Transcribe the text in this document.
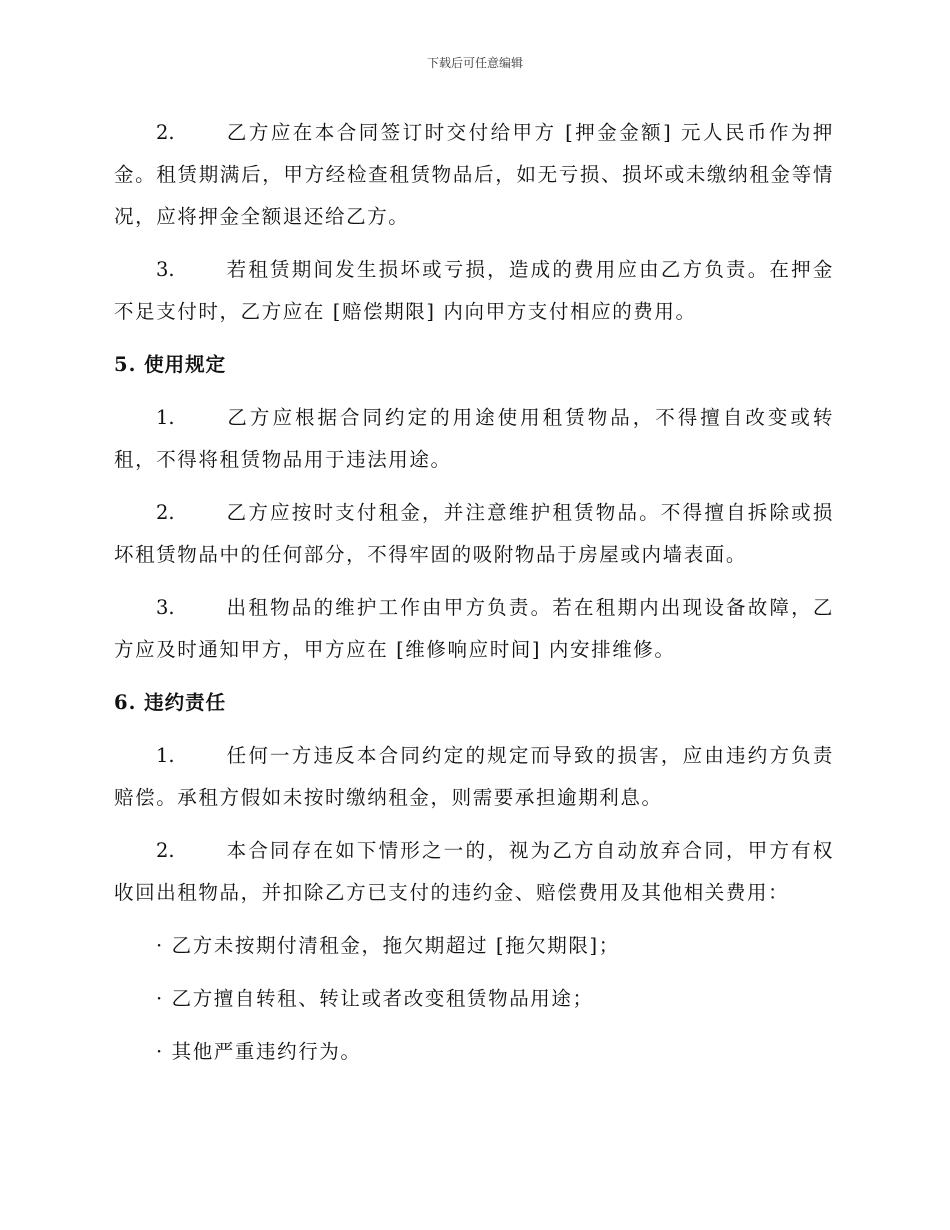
下载后可任意编辑

2.	乙方应在本合同签订时交付给甲方 [押金金额] 元人民币作为押金。租赁期满后，甲方经检查租赁物品后，如无亏损、损坏或未缴纳租金等情况，应将押金全额退还给乙方。

3.	若租赁期间发生损坏或亏损，造成的费用应由乙方负责。在押金不足支付时，乙方应在 [赔偿期限] 内向甲方支付相应的费用。

5. 使用规定

1.	乙方应根据合同约定的用途使用租赁物品，不得擅自改变或转租，不得将租赁物品用于违法用途。

2.	乙方应按时支付租金，并注意维护租赁物品。不得擅自拆除或损坏租赁物品中的任何部分，不得牢固的吸附物品于房屋或内墙表面。

3.	出租物品的维护工作由甲方负责。若在租期内出现设备故障，乙方应及时通知甲方，甲方应在 [维修响应时间] 内安排维修。

6. 违约责任

1.	任何一方违反本合同约定的规定而导致的损害，应由违约方负责赔偿。承租方假如未按时缴纳租金，则需要承担逾期利息。

2.	本合同存在如下情形之一的，视为乙方自动放弃合同，甲方有权收回出租物品，并扣除乙方已支付的违约金、赔偿费用及其他相关费用：

· 乙方未按期付清租金，拖欠期超过 [拖欠期限]；
· 乙方擅自转租、转让或者改变租赁物品用途；
· 其他严重违约行为。
